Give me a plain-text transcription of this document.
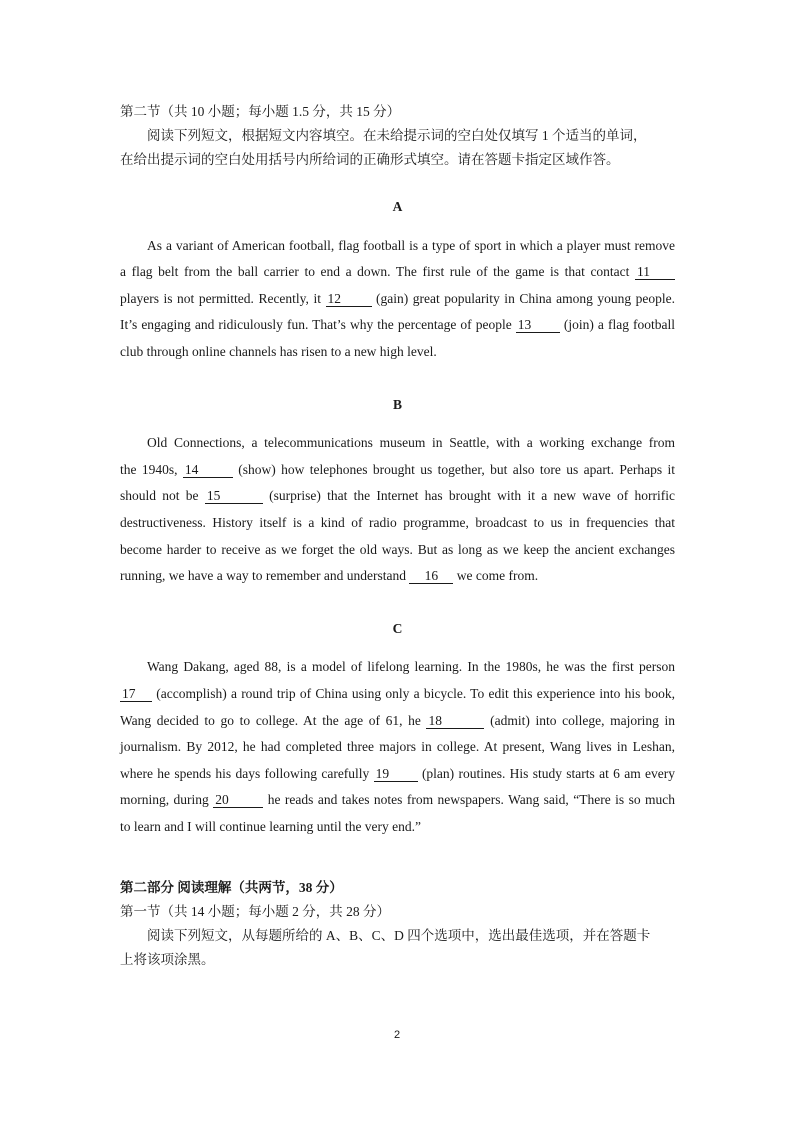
第二节（共 10 小题；每小题 1.5 分，共 15 分）
阅读下列短文，根据短文内容填空。在未给提示词的空白处仅填写 1 个适当的单词，
在给出提示词的空白处用括号内所给词的正确形式填空。请在答题卡指定区域作答。
A
As a variant of American football, flag football is a type of sport in which a player must remove
a flag belt from the ball carrier to end a down. The first rule of the game is that contact 11
players is not permitted. Recently, it 12	(gain) great popularity in China among young people.
It’s engaging and ridiculously fun. That’s why the percentage of people 13 (join) a flag football
club through online channels has risen to a new high level.
B
Old Connections, a telecommunications museum in Seattle, with a working exchange from
the 1940s, 14	(show) how telephones brought us together, but also tore us apart. Perhaps it
should not be 15	(surprise) that the Internet has brought with it a new wave of horrific
destructiveness. History itself is a kind of radio programme, broadcast to us in frequencies that
become harder to receive as we forget the old ways. But as long as we keep the ancient exchanges
running, we have a way to remember and understand 16 we come from.
C
Wang Dakang, aged 88, is a model of lifelong learning. In the 1980s, he was the first person
17 (accomplish) a round trip of China using only a bicycle. To edit this experience into his book,
Wang decided to go to college. At the age of 61, he 18	(admit) into college, majoring in
journalism. By 2012, he had completed three majors in college. At present, Wang lives in Leshan,
where he spends his days following carefully 19 (plan) routines. His study starts at 6 am every
morning, during 20	he reads and takes notes from newspapers. Wang said, “There is so much
to learn and I will continue learning until the very end.”
第二部分 阅读理解（共两节，38 分）
第一节（共 14 小题；每小题 2 分，共 28 分）
阅读下列短文，从每题所给的 A、B、C、D 四个选项中，选出最佳选项，并在答题卡
上将该项涂黑。
2
